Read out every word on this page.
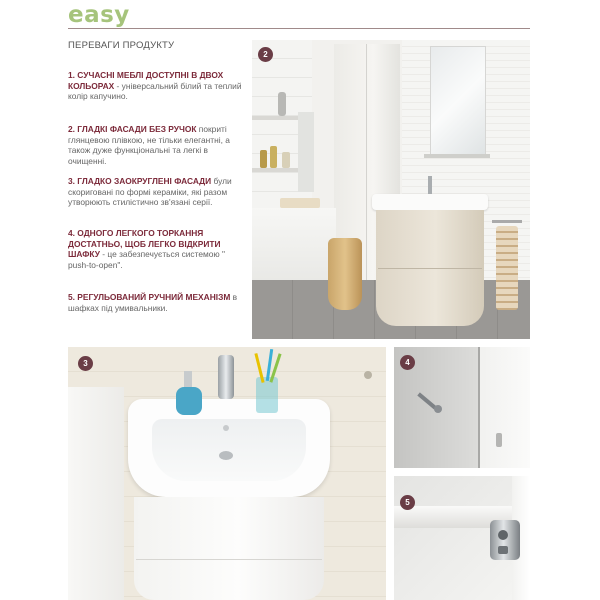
easy
ПЕРЕВАГИ ПРОДУКТУ
1. СУЧАСНІ МЕБЛІ ДОСТУПНІ В ДВОХ КОЛЬОРАХ - універсальний білий та теплий колір капучино.
2. ГЛАДКІ ФАСАДИ БЕЗ РУЧОК покриті глянцевою плівкою, не тільки елегантні, а також дуже функціональні та легкі в очищенні.
3. ГЛАДКО ЗАОКРУГЛЕНІ ФАСАДИ були скориговані по формі кераміки, які разом утворюють стилістично зв'язані серії.
4. ОДНОГО ЛЕГКОГО ТОРКАННЯ ДОСТАТНЬО, ЩОБ ЛЕГКО ВІДКРИТИ ШАФКУ - це забезпечується системою " push-to-open".
5. РЕГУЛЬОВАНИЙ РУЧНИЙ МЕХАНІЗМ в шафках під умивальники.
2
3	4
5
